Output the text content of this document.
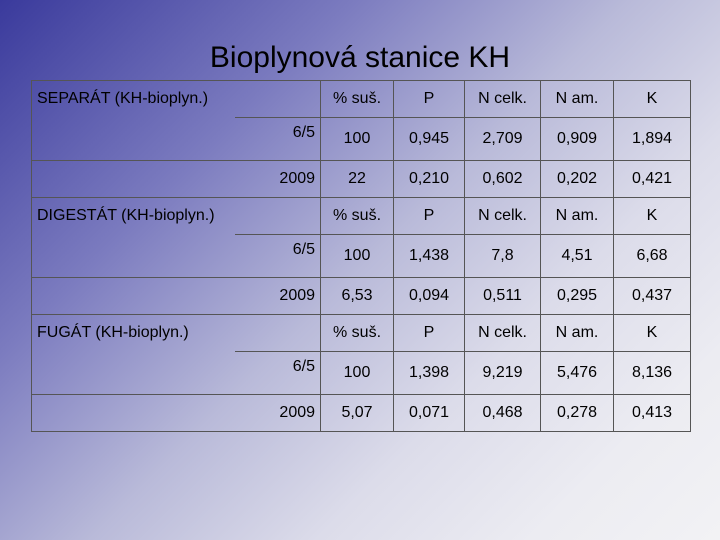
Bioplynová stanice KH
SEPARÁT (KH-bioplyn.)			% suš.	P	N celk.	N am.	K
	6/5		100	0,945	2,709	0,909	1,894
	2009		22	0,210	0,602	0,202	0,421
DIGESTÁT (KH-bioplyn.)			% suš.	P	N celk.	N am.	K
	6/5		100	1,438	7,8	4,51	6,68
	2009		6,53	0,094	0,511	0,295	0,437
FUGÁT (KH-bioplyn.)			% suš.	P	N celk.	N am.	K
	6/5		100	1,398	9,219	5,476	8,136
	2009		5,07	0,071	0,468	0,278	0,413
